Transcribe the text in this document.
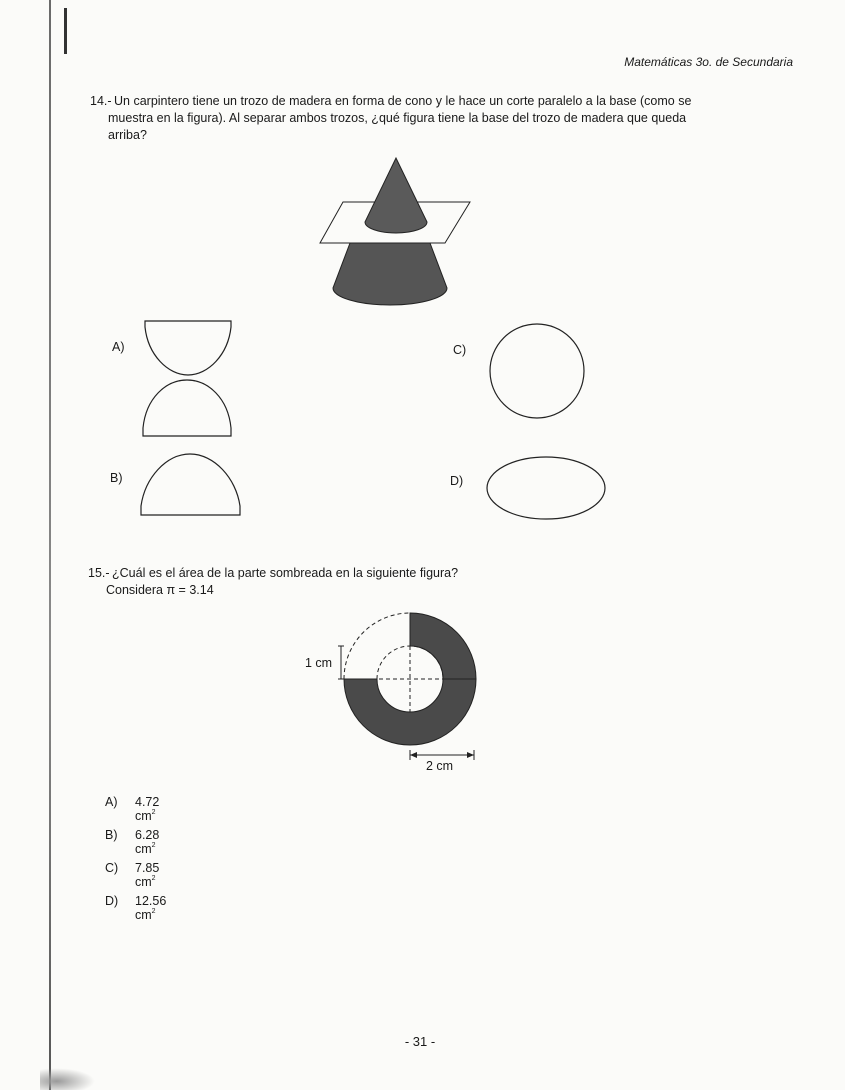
Matemáticas 3o. de Secundaria
14.- Un carpintero tiene un trozo de madera en forma de cono y le hace un corte paralelo a la base (como se
muestra en la figura). Al separar ambos trozos, ¿qué figura tiene la base del trozo de madera que queda
arriba?
A)
B)
C)
D)
15.- ¿Cuál es el área de la parte sombreada en la siguiente figura?
Considera π = 3.14
1 cm
2 cm
A) 4.72 $cm^2$
B) 6.28 $cm^2$
C) 7.85 $cm^2$
D) 12.56 $cm^2$
- 31 -
